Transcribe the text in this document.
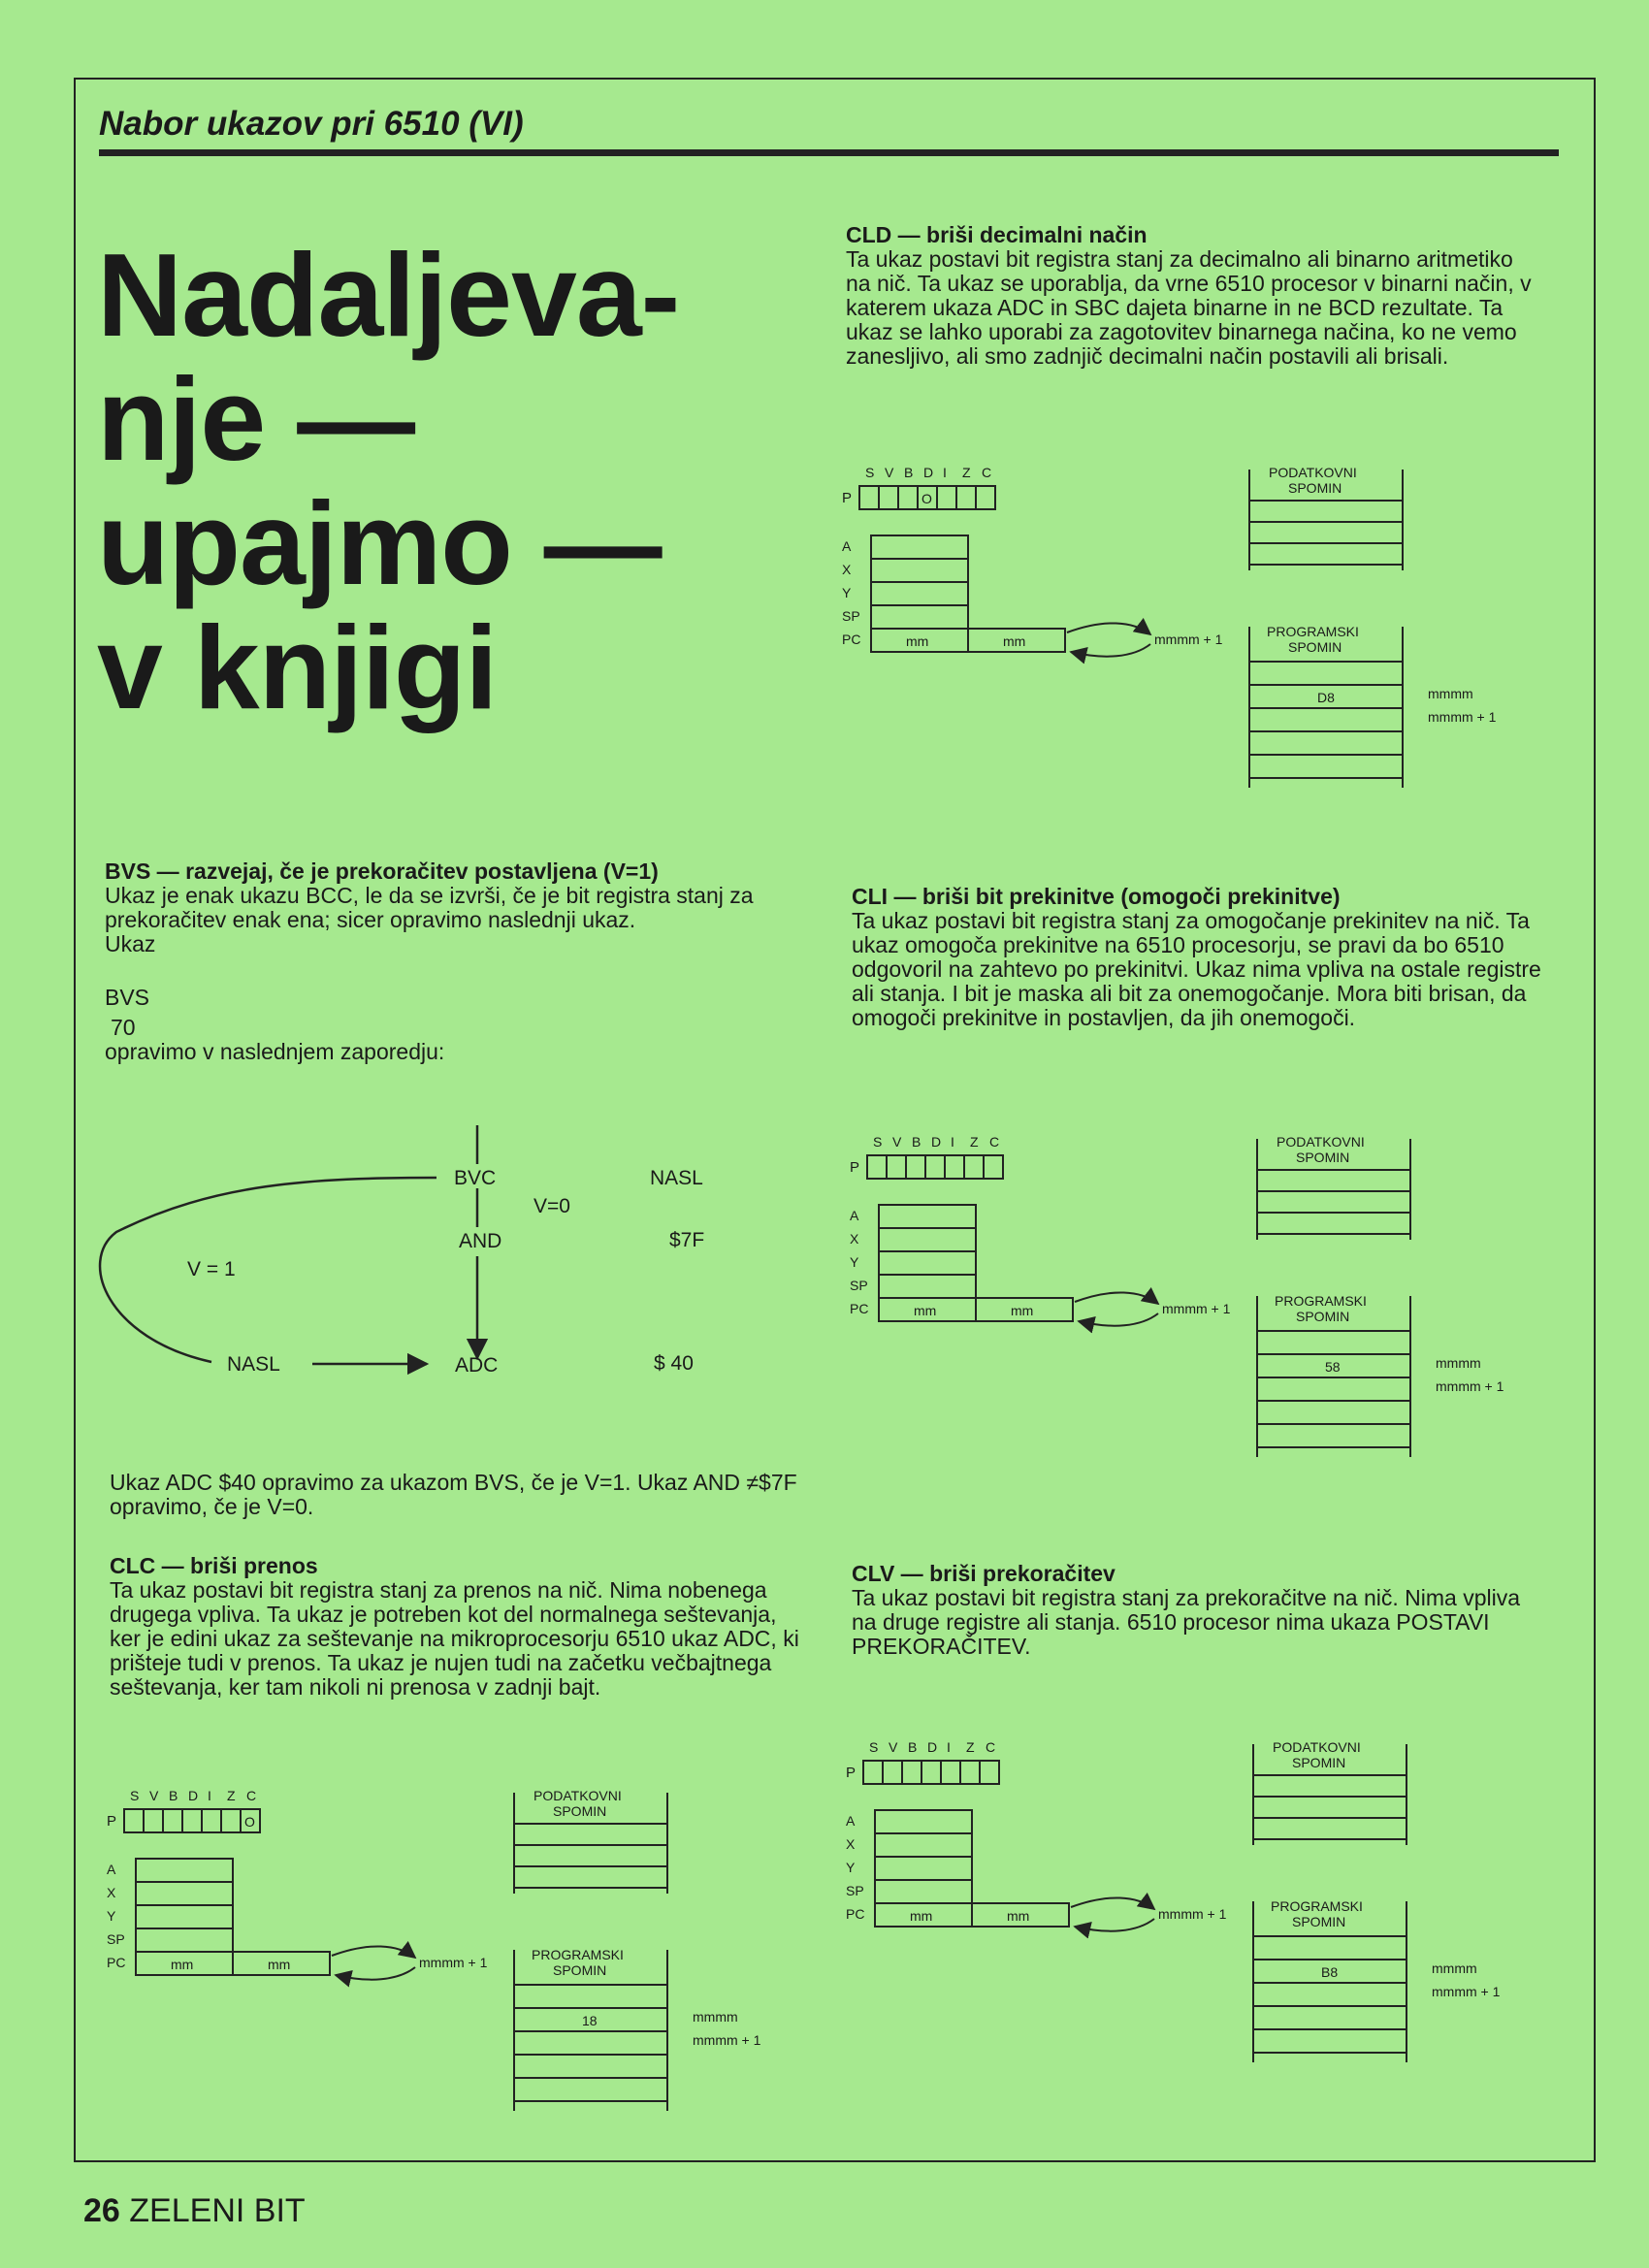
Nabor ukazov pri 6510 (VI)
Nadaljeva-
nje —
upajmo —
v knjigi
BVS — razvejaj, če je prekoračitev postavljena (V=1)

Ukaz je enak ukazu BCC, le da se izvrši, če je bit registra stanj za prekoračitev enak ena; sicer opravimo naslednji ukaz.

Ukaz

BVS

70

opravimo v naslednjem zaporedju:

BVC
AND
ADC
NASL
V=0
V = 1
NASL
$7F
$ 40

Ukaz ADC $40 opravimo za ukazom BVS, če je V=1. Ukaz AND ≠$7F opravimo, če je V=0.

CLC — briši prenos

Ta ukaz postavi bit registra stanj za prenos na nič. Nima nobenega drugega vpliva. Ta ukaz je potreben kot del normalnega seštevanja, ker je edini ukaz za seštevanje na mikroprocesorju 6510 ukaz ADC, ki prišteje tudi v prenos. Ta ukaz je nujen tudi na začetku večbajtnega seštevanja, ker tam nikoli ni prenosa v zadnji bajt.

CLD — briši decimalni način

Ta ukaz postavi bit registra stanj za decimalno ali binarno aritmetiko na nič. Ta ukaz se uporablja, da vrne 6510 procesor v binarni način, v katerem ukaza ADC in SBC dajeta binarne in ne BCD rezultate. Ta ukaz se lahko uporabi za zagotovitev binarnega načina, ko ne vemo zanesljivo, ali smo zadnjič decimalni način postavili ali brisali.

CLI — briši bit prekinitve (omogoči prekinitve)

Ta ukaz postavi bit registra stanj za omogočanje prekinitev na nič. Ta ukaz omogoča prekinitve na 6510 procesorju, se pravi da bo 6510 odgovoril na zahtevo po prekinitvi. Ukaz nima vpliva na ostale registre ali stanja. I bit je maska ali bit za onemogočanje. Mora biti brisan, da omogoči prekinitve in postavljen, da jih onemogoči.

CLV — briši prekoračitev

Ta ukaz postavi bit registra stanj za prekoračitve na nič. Nima vpliva na druge registre ali stanja. 6510 procesor nima ukaza POSTAVI PREKORAČITEV.

S V B D I Z C
P	O
A
X
Y
SP
PC	mm	mm	mmmm + 1
PODATKOVNI
SPOMIN
PROGRAMSKI
SPOMIN
18	mmmm
mmmm + 1
S V B D I Z C
P	O
A
X
Y
SP
PC	mm	mm	mmmm + 1
PODATKOVNI
SPOMIN
PROGRAMSKI
SPOMIN
D8	mmmm
mmmm + 1
S V B D I Z C
P
A
X
Y
SP
PC	mm	mm	mmmm + 1
PODATKOVNI
SPOMIN
PROGRAMSKI
SPOMIN
58	mmmm
mmmm + 1
S V B D I Z C
P
A
X
Y
SP
PC	mm	mm	mmmm + 1
PODATKOVNI
SPOMIN
PROGRAMSKI
SPOMIN
B8	mmmm
mmmm + 1
26 ZELENI BIT
